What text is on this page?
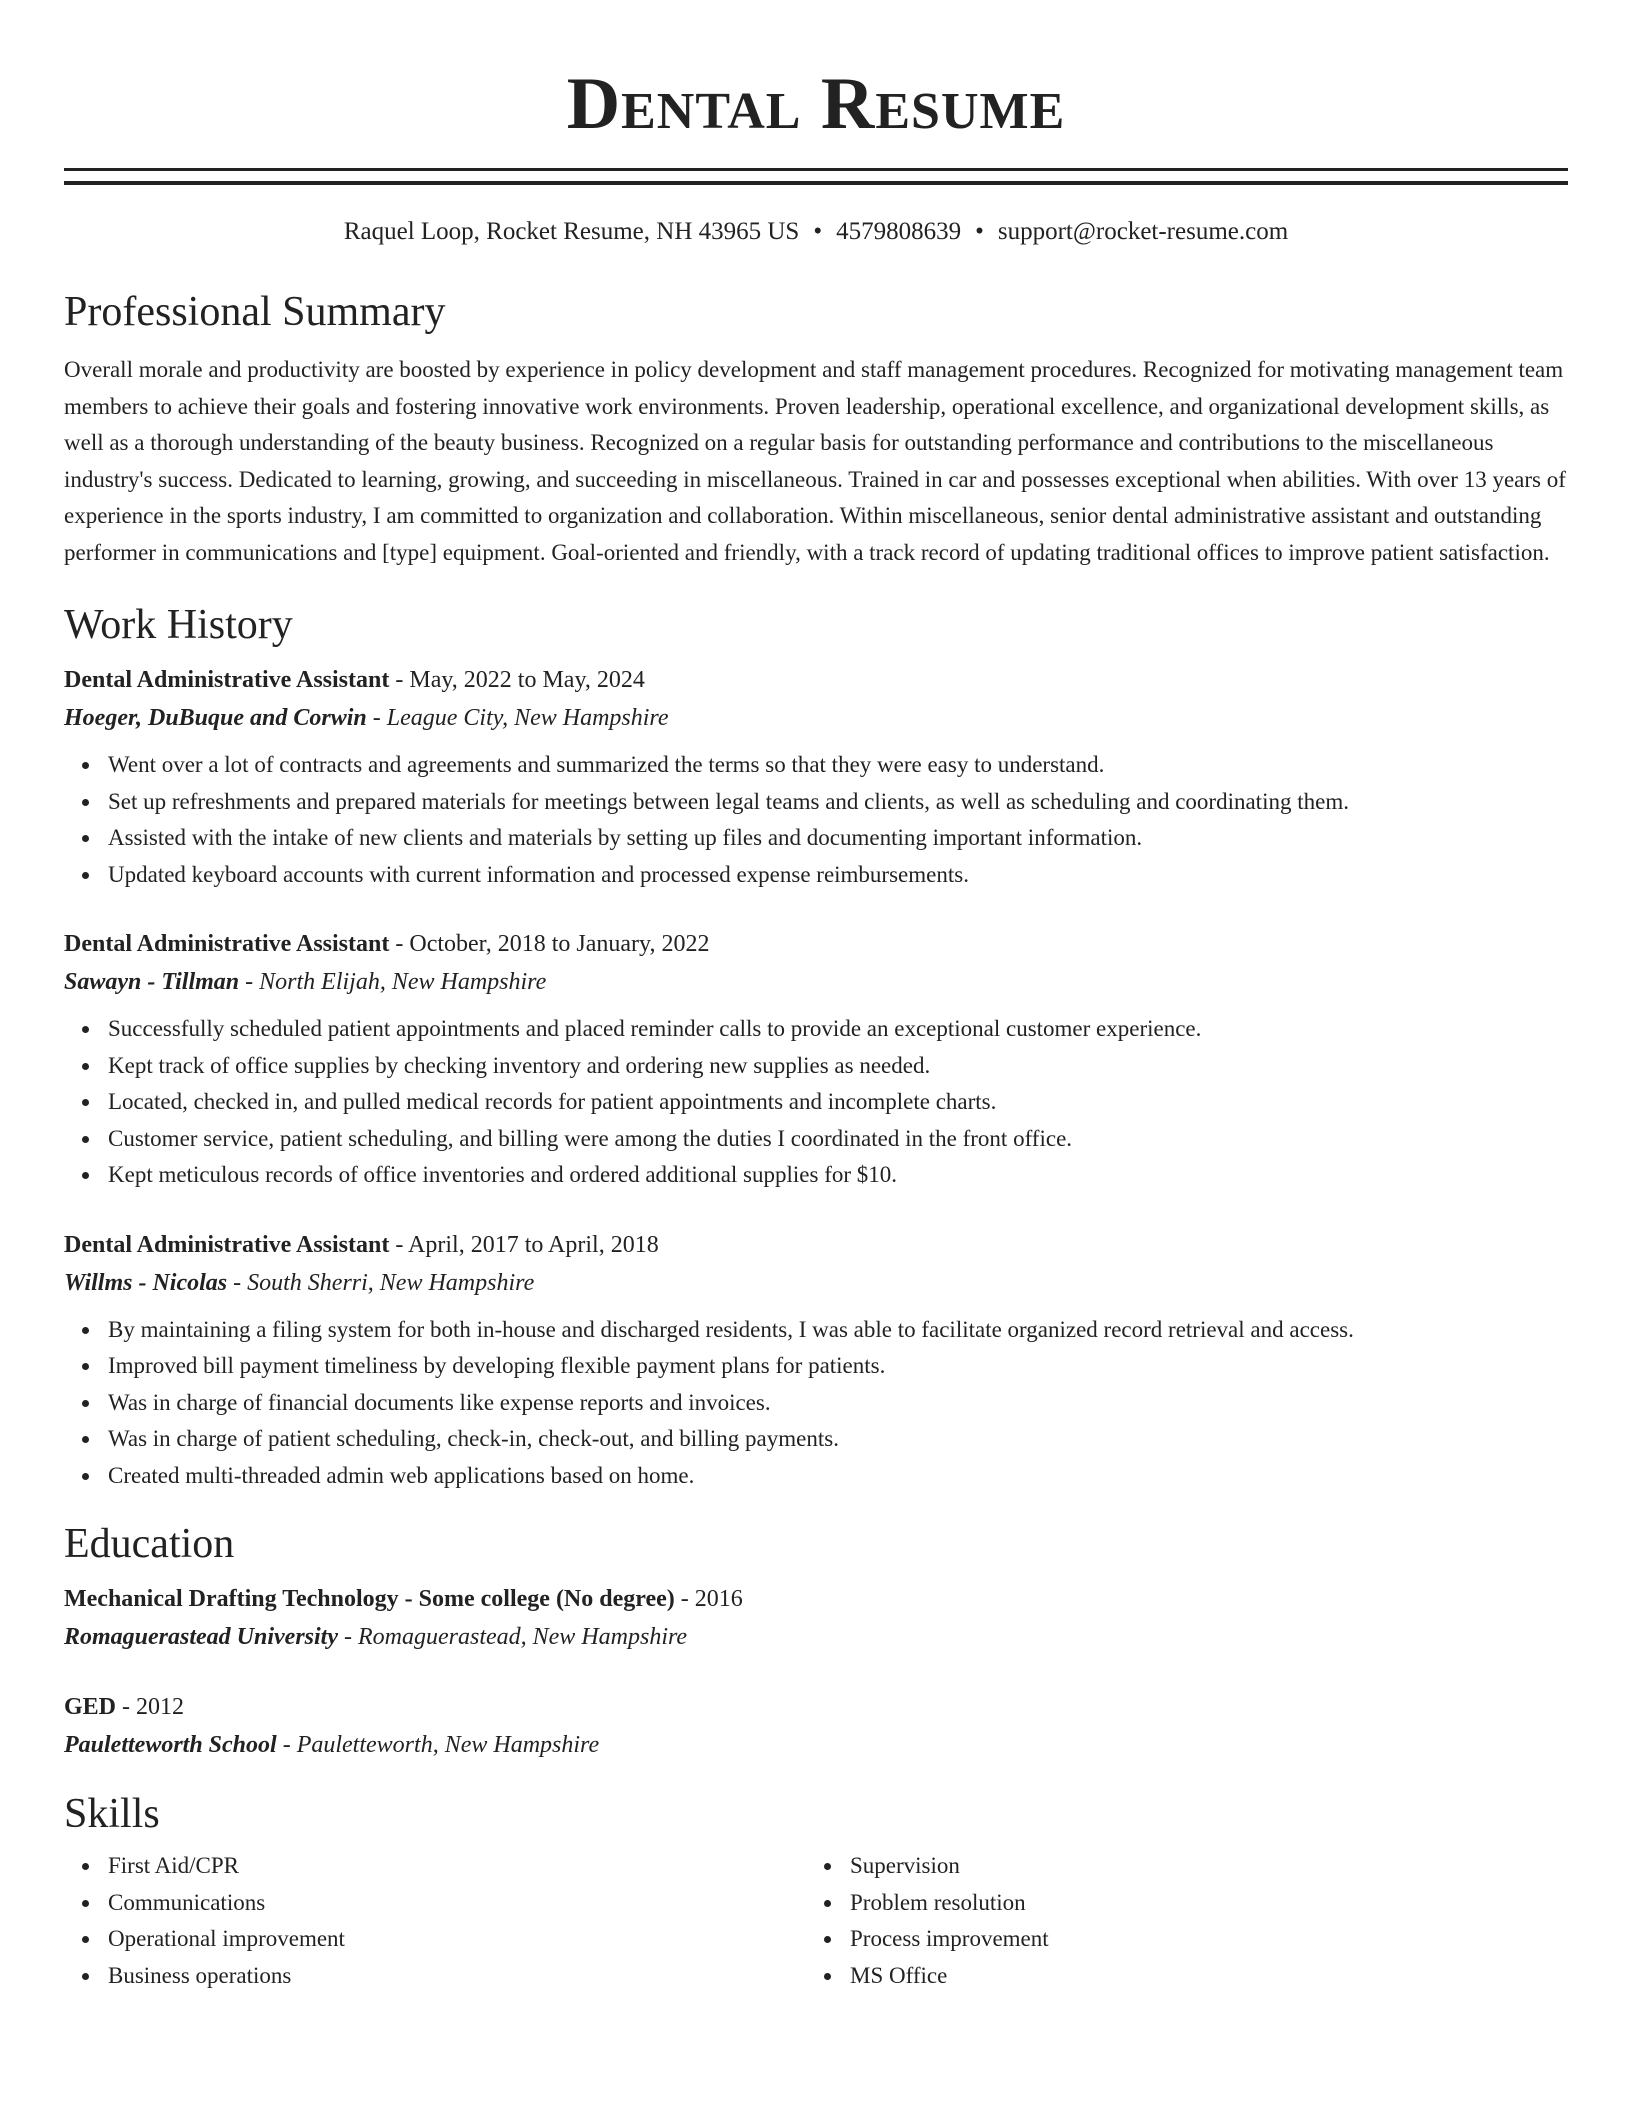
Dental Resume
Raquel Loop, Rocket Resume, NH 43965 US • 4579808639 • support@rocket-resume.com
Professional Summary

Overall morale and productivity are boosted by experience in policy development and staff management procedures. Recognized for motivating management team members to achieve their goals and fostering innovative work environments. Proven leadership, operational excellence, and organizational development skills, as well as a thorough understanding of the beauty business. Recognized on a regular basis for outstanding performance and contributions to the miscellaneous industry's success. Dedicated to learning, growing, and succeeding in miscellaneous. Trained in car and possesses exceptional when abilities. With over 13 years of experience in the sports industry, I am committed to organization and collaboration. Within miscellaneous, senior dental administrative assistant and outstanding performer in communications and [type] equipment. Goal-oriented and friendly, with a track record of updating traditional offices to improve patient satisfaction.

Work History
Dental Administrative Assistant - May, 2022 to May, 2024
Hoeger, DuBuque and Corwin - League City, New Hampshire
Went over a lot of contracts and agreements and summarized the terms so that they were easy to understand.
Set up refreshments and prepared materials for meetings between legal teams and clients, as well as scheduling and coordinating them.
Assisted with the intake of new clients and materials by setting up files and documenting important information.
Updated keyboard accounts with current information and processed expense reimbursements.
Dental Administrative Assistant - October, 2018 to January, 2022
Sawayn - Tillman - North Elijah, New Hampshire
Successfully scheduled patient appointments and placed reminder calls to provide an exceptional customer experience.
Kept track of office supplies by checking inventory and ordering new supplies as needed.
Located, checked in, and pulled medical records for patient appointments and incomplete charts.
Customer service, patient scheduling, and billing were among the duties I coordinated in the front office.
Kept meticulous records of office inventories and ordered additional supplies for $10.
Dental Administrative Assistant - April, 2017 to April, 2018
Willms - Nicolas - South Sherri, New Hampshire
By maintaining a filing system for both in-house and discharged residents, I was able to facilitate organized record retrieval and access.
Improved bill payment timeliness by developing flexible payment plans for patients.
Was in charge of financial documents like expense reports and invoices.
Was in charge of patient scheduling, check-in, check-out, and billing payments.
Created multi-threaded admin web applications based on home.
Education
Mechanical Drafting Technology - Some college (No degree) - 2016
Romaguerastead University - Romaguerastead, New Hampshire
GED - 2012
Pauletteworth School - Pauletteworth, New Hampshire
Skills
First Aid/CPR
Communications
Operational improvement
Business operations
Supervision
Problem resolution
Process improvement
MS Office
